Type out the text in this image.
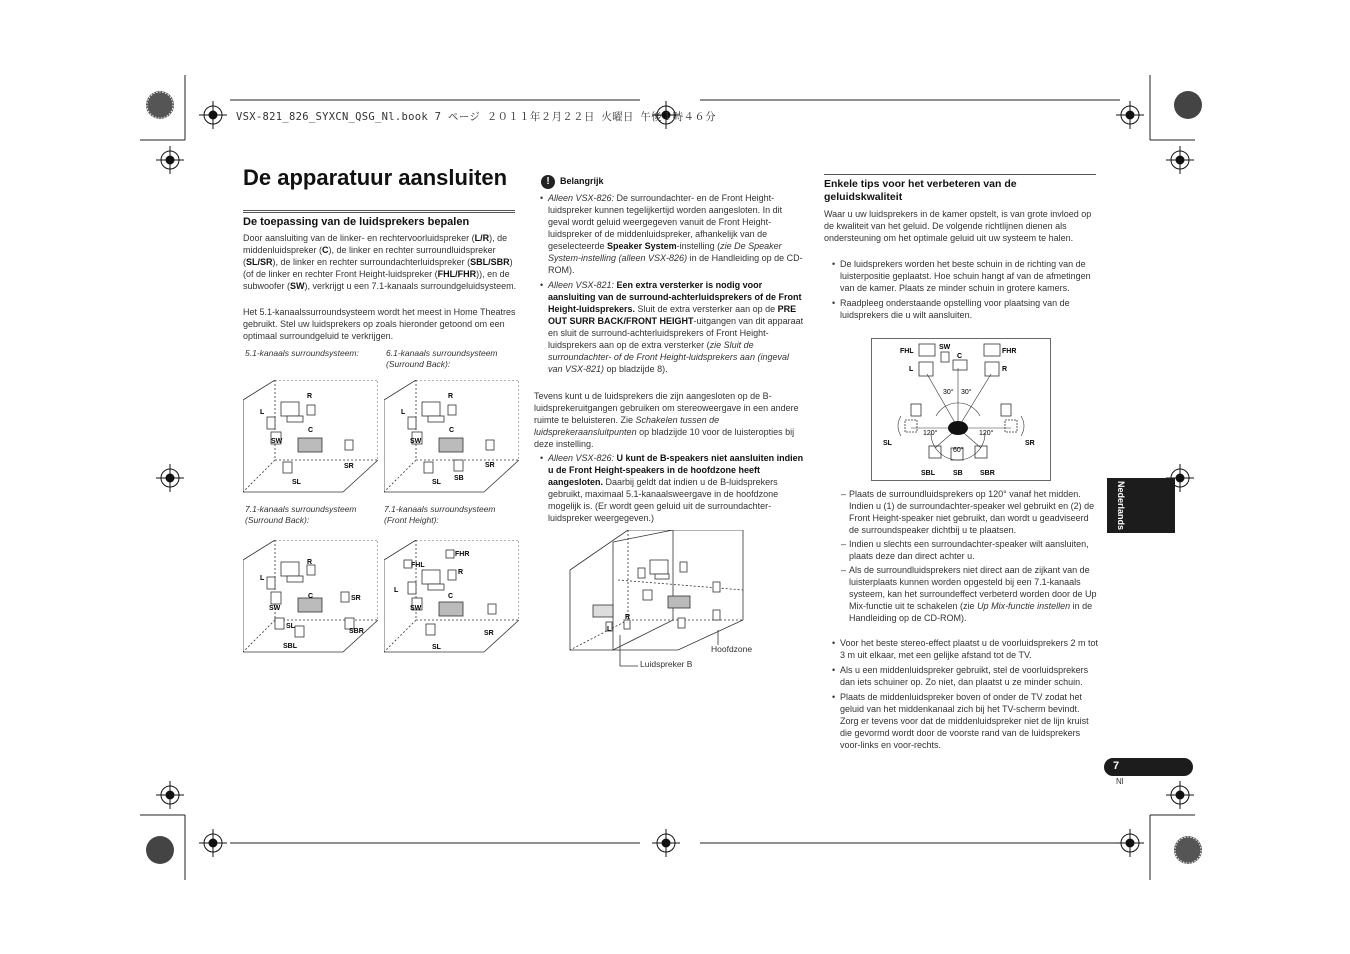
VSX-821_826_SYXCN_QSG_Nl.book 7 ページ ２０１１年２月２２日 火曜日 午後１時４６分
De apparatuur aansluiten
De toepassing van de luidsprekers bepalen
Door aansluiting van de linker- en rechtervoorluidspreker (L/R), de middenluidspreker (C), de linker en rechter surroundluidspreker (SL/SR), de linker en rechter surroundachterluidspreker (SBL/SBR) (of de linker en rechter Front Height-luidspreker (FHL/FHR)), en de subwoofer (SW), verkrijgt u een 7.1-kanaals surroundgeluidsysteem.
Het 5.1-kanaalssurroundsysteem wordt het meest in Home Theatres gebruikt. Stel uw luidsprekers op zoals hieronder getoond om een optimaal surroundgeluid te verkrijgen.
5.1-kanaals surroundsysteem:	6.1-kanaals surroundsysteem (Surround Back):
7.1-kanaals surroundsysteem (Surround Back):
7.1-kanaals surroundsysteem (Front Height):
L
R
C
SW
SR
SL
L
R
C
SW
SR
SB
SL
L
R
C
SW
SR
SL
SBR
SBL
FHL
FHR
L
R
C
SW
SR
SL
!	Belangrijk
• Alleen VSX-826: De surroundachter- en de Front Height-luidspreker kunnen tegelijkertijd worden aangesloten. In dit geval wordt geluid weergegeven vanuit de Front Height-luidspreker of de middenluidspreker, afhankelijk van de geselecteerde Speaker System-instelling (zie De Speaker System-instelling (alleen VSX-826) in de Handleiding op de CD-ROM).
• Alleen VSX-821: Een extra versterker is nodig voor aansluiting van de surround-achterluidsprekers of de Front Height-luidsprekers. Sluit de extra versterker aan op de PRE OUT SURR BACK/FRONT HEIGHT-uitgangen van dit apparaat en sluit de surround-achterluidsprekers of Front Height-luidsprekers aan op de extra versterker (zie Sluit de surroundachter- of de Front Height-luidsprekers aan (ingeval van VSX-821) op bladzijde 8).
Tevens kunt u de luidsprekers die zijn aangesloten op de B-luidsprekeruitgangen gebruiken om stereoweergave in een andere ruimte te beluisteren. Zie Schakelen tussen de luidsprekeraansluitpunten op bladzijde 10 voor de luisteropties bij deze instelling.
• Alleen VSX-826: U kunt de B-speakers niet aansluiten indien u de Front Height-speakers in de hoofdzone heeft aangesloten. Daarbij geldt dat indien u de B-luidsprekers gebruikt, maximaal 5.1-kanaalsweergave in de hoofdzone mogelijk is. (Er wordt geen geluid uit de surroundachter-luidspreker weergegeven.)
R
L
Hoofdzone
Luidspreker B
Enkele tips voor het verbeteren van de geluidskwaliteit
Waar u uw luidsprekers in de kamer opstelt, is van grote invloed op de kwaliteit van het geluid. De volgende richtlijnen dienen als ondersteuning om het optimale geluid uit uw systeem te halen.
• De luidsprekers worden het beste schuin in de richting van de luisterpositie geplaatst. Hoe schuin hangt af van de afmetingen van de kamer. Plaats ze minder schuin in grotere kamers.
• Raadpleeg onderstaande opstelling voor plaatsing van de luidsprekers die u wilt aansluiten.
FHL
SW
C
FHR
L	R
30° 30°
120°	120°
60°
SL	SR
SBL	SB SBR
– Plaats de surroundluidsprekers op 120° vanaf het midden. Indien u (1) de surroundachter-speaker wel gebruikt en (2) de Front Height-speaker niet gebruikt, dan wordt u geadviseerd de surroundspeaker dichtbij u te plaatsen.
– Indien u slechts een surroundachter-speaker wilt aansluiten, plaats deze dan direct achter u.
– Als de surroundluidsprekers niet direct aan de zijkant van de luisterplaats kunnen worden opgesteld bij een 7.1-kanaals systeem, kan het surroundeffect verbeterd worden door de Up Mix-functie uit te schakelen (zie Up Mix-functie instellen in de Handleiding op de CD-ROM).
• Voor het beste stereo-effect plaatst u de voorluidsprekers 2 m tot 3 m uit elkaar, met een gelijke afstand tot de TV.
• Als u een middenluidspreker gebruikt, stel de voorluidsprekers dan iets schuiner op. Zo niet, dan plaatst u ze minder schuin.
• Plaats de middenluidspreker boven of onder de TV zodat het geluid van het middenkanaal zich bij het TV-scherm bevindt. Zorg er tevens voor dat de middenluidspreker niet de lijn kruist die gevormd wordt door de voorste rand van de luidsprekers voor-links en voor-rechts.
Nederlands
7
Nl
